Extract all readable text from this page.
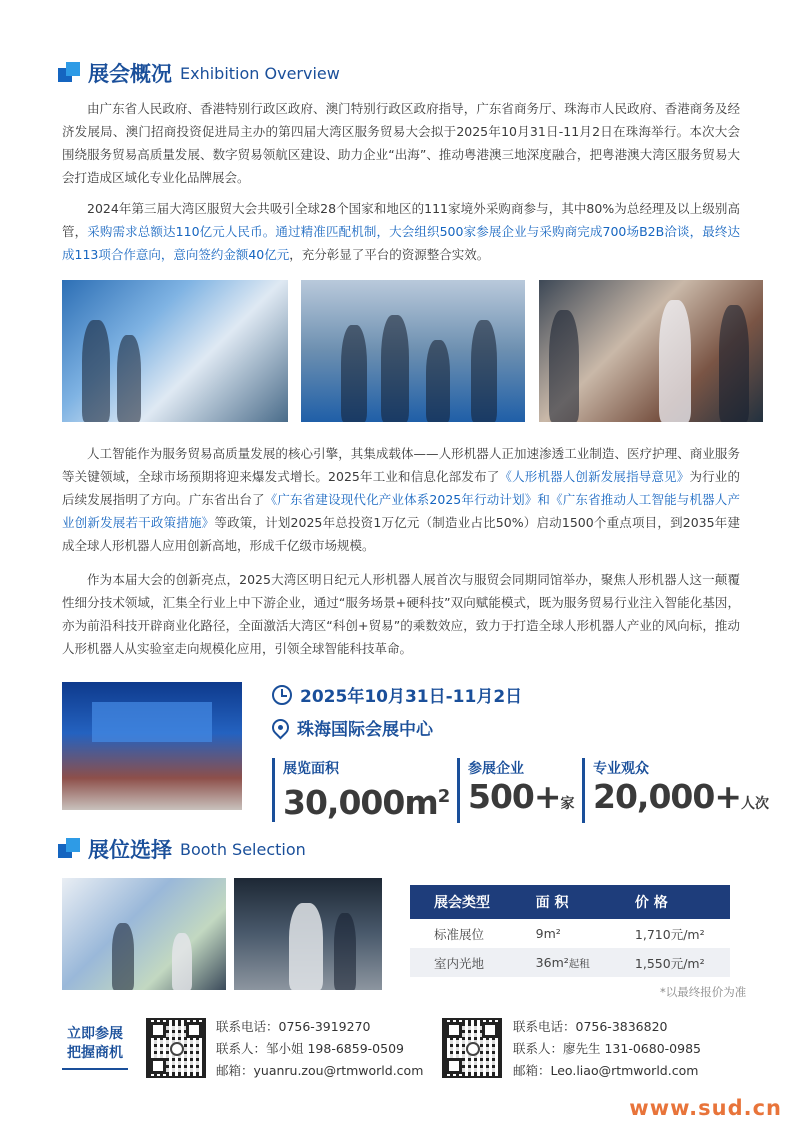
展会概况 Exhibition Overview

由广东省人民政府、香港特别行政区政府、澳门特别行政区政府指导，广东省商务厅、珠海市人民政府、香港商务及经济发展局、澳门招商投资促进局主办的第四届大湾区服务贸易大会拟于2025年10月31日-11月2日在珠海举行。本次大会围绕服务贸易高质量发展、数字贸易领航区建设、助力企业“出海”、推动粤港澳三地深度融合，把粤港澳大湾区服务贸易大会打造成区域化专业化品牌展会。

2024年第三届大湾区服贸大会共吸引全球28个国家和地区的111家境外采购商参与，其中80%为总经理及以上级别高管，采购需求总额达110亿元人民币。通过精准匹配机制，大会组织500家参展企业与采购商完成700场B2B洽谈，最终达成113项合作意向，意向签约金额40亿元，充分彰显了平台的资源整合实效。

人工智能作为服务贸易高质量发展的核心引擎，其集成载体——人形机器人正加速渗透工业制造、医疗护理、商业服务等关键领域，全球市场预期将迎来爆发式增长。2025年工业和信息化部发布了《人形机器人创新发展指导意见》为行业的后续发展指明了方向。广东省出台了《广东省建设现代化产业体系2025年行动计划》和《广东省推动人工智能与机器人产业创新发展若干政策措施》等政策，计划2025年总投资1万亿元（制造业占比50%）启动1500个重点项目，到2035年建成全球人形机器人应用创新高地，形成千亿级市场规模。

作为本届大会的创新亮点，2025大湾区明日纪元人形机器人展首次与服贸会同期同馆举办，聚焦人形机器人这一颠覆性细分技术领域，汇集全行业上中下游企业，通过“服务场景+硬科技”双向赋能模式，既为服务贸易行业注入智能化基因，亦为前沿科技开辟商业化路径，全面激活大湾区“科创+贸易”的乘数效应，致力于打造全球人形机器人产业的风向标，推动人形机器人从实验室走向规模化应用，引领全球智能科技革命。

2025年10月31日-11月2日
珠海国际会展中心
展览面积
$30,000m^2$
参展企业
500+家
专业观众
20,000+人次
展位选择 Booth Selection
展会类型	面 积	价 格
标准展位	9m²	1,710元/m²
室内光地	36m²起租	1,550元/m²
*以最终报价为准
立即参展
把握商机
联系电话：0756-3919270
联系人：邹小姐 198-6859-0509
邮箱：yuanru.zou@rtmworld.com
联系电话：0756-3836820
联系人：廖先生 131-0680-0985
邮箱：Leo.liao@rtmworld.com
www.sud.cn
